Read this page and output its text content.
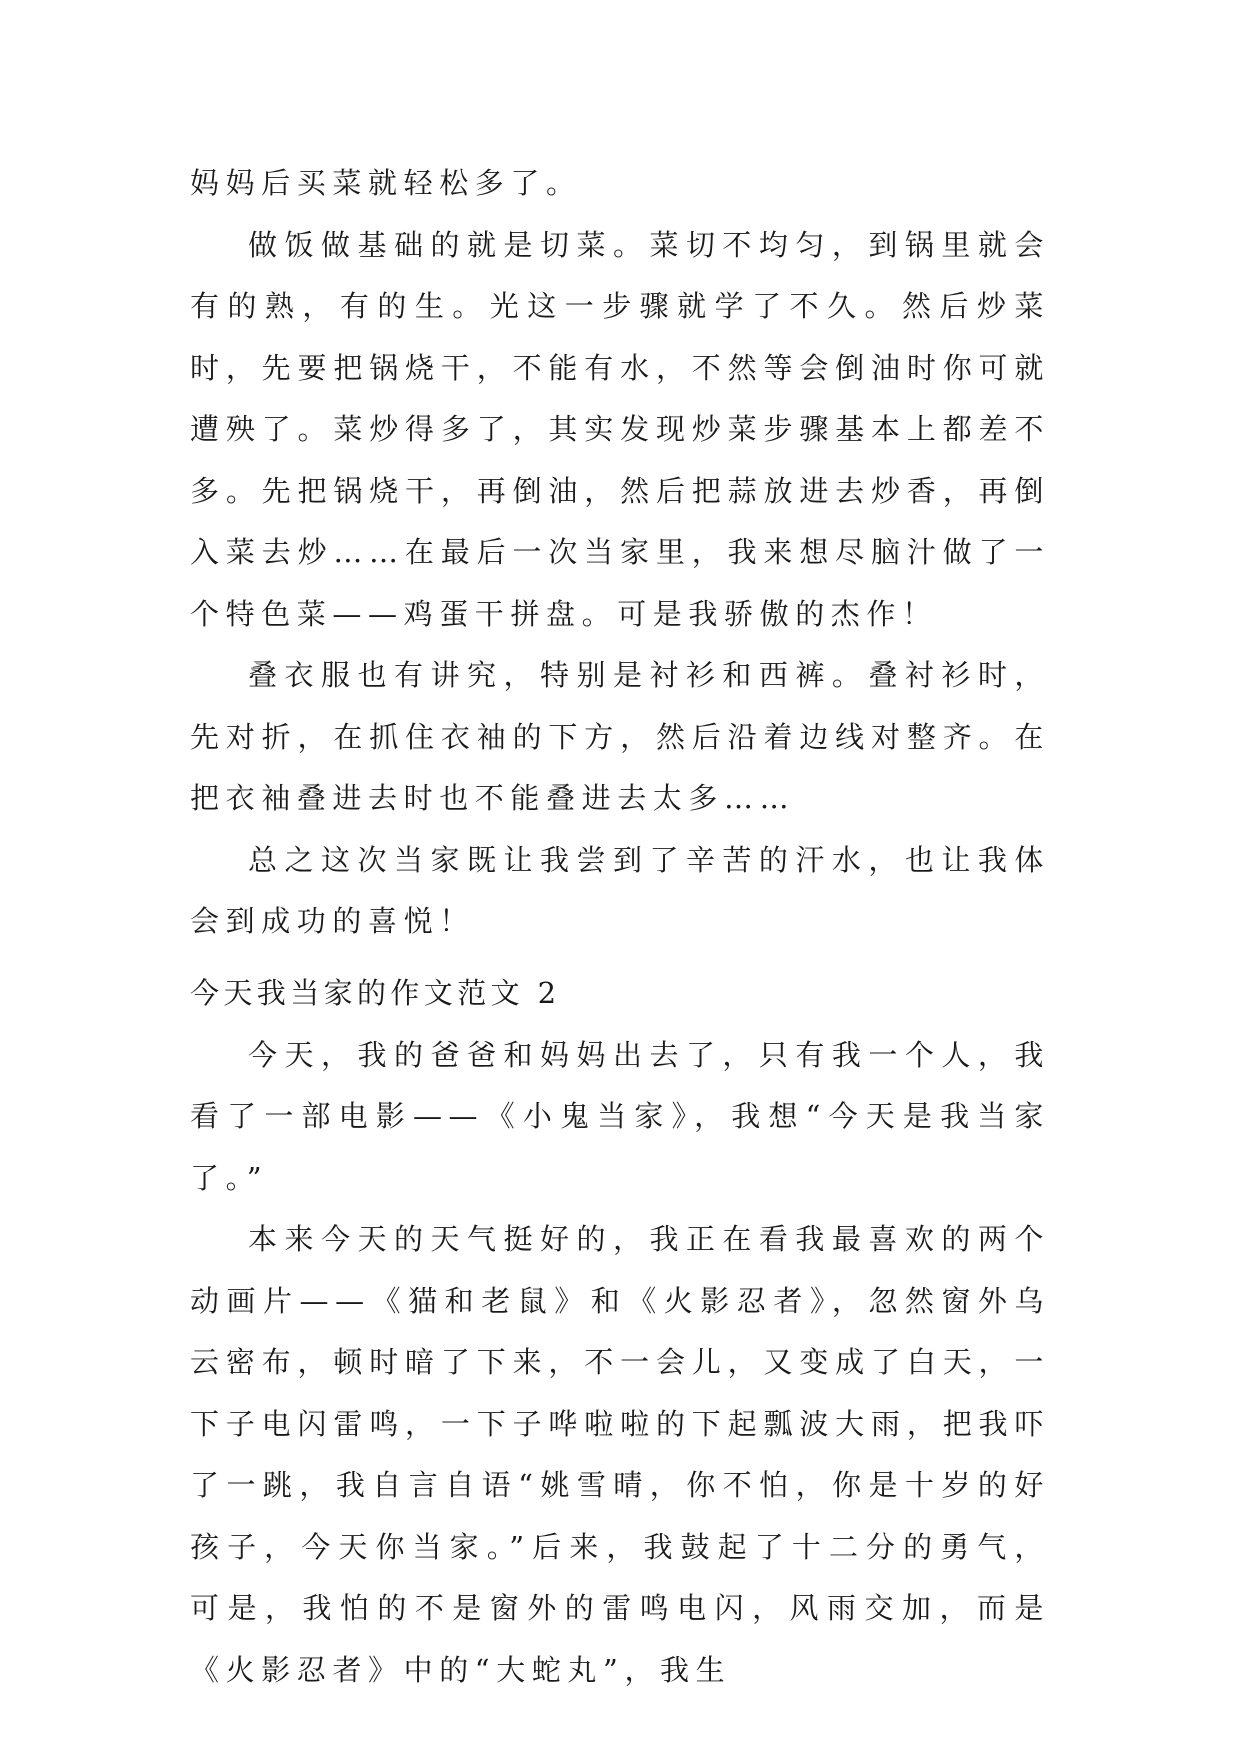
妈妈后买菜就轻松多了。

做饭做基础的就是切菜。菜切不均匀，到锅里就会有的熟，有的生。光这一步骤就学了不久。然后炒菜时，先要把锅烧干，不能有水，不然等会倒油时你可就遭殃了。菜炒得多了，其实发现炒菜步骤基本上都差不多。先把锅烧干，再倒油，然后把蒜放进去炒香，再倒入菜去炒……在最后一次当家里，我来想尽脑汁做了一个特色菜——鸡蛋干拼盘。可是我骄傲的杰作！

叠衣服也有讲究，特别是衬衫和西裤。叠衬衫时，先对折，在抓住衣袖的下方，然后沿着边线对整齐。在把衣袖叠进去时也不能叠进去太多……

总之这次当家既让我尝到了辛苦的汗水，也让我体会到成功的喜悦！

今天我当家的作文范文 2

今天，我的爸爸和妈妈出去了，只有我一个人，我看了一部电影——《小鬼当家》，我想“今天是我当家了。”

本来今天的天气挺好的，我正在看我最喜欢的两个动画片——《猫和老鼠》和《火影忍者》，忽然窗外乌云密布，顿时暗了下来，不一会儿，又变成了白天，一下子电闪雷鸣，一下子哗啦啦的下起瓢波大雨，把我吓了一跳，我自言自语“姚雪晴，你不怕，你是十岁的好孩子，今天你当家。”后来，我鼓起了十二分的勇气，可是，我怕的不是窗外的雷鸣电闪，风雨交加，而是《火影忍者》中的“大蛇丸”，我生
